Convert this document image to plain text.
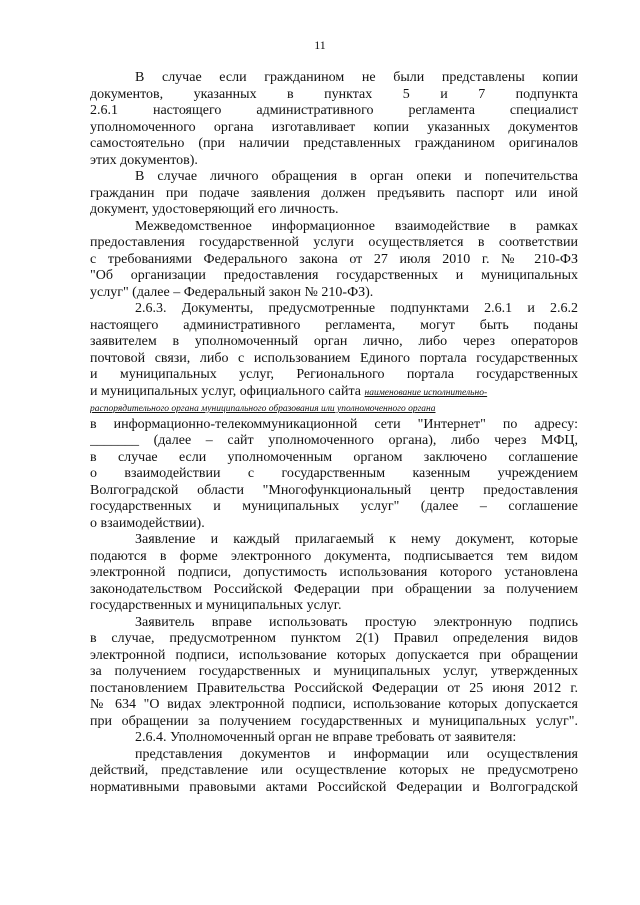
11
В случае если гражданином не были представлены копии
документов, указанных в пунктах 5 и 7 подпункта
2.6.1 настоящего административного регламента специалист
уполномоченного органа изготавливает копии указанных документов
самостоятельно (при наличии представленных гражданином оригиналов
этих документов).
В случае личного обращения в орган опеки и попечительства
гражданин при подаче заявления должен предъявить паспорт или иной
документ, удостоверяющий его личность.
Межведомственное информационное взаимодействие в рамках
предоставления государственной услуги осуществляется в соответствии
с требованиями Федерального закона от 27 июля 2010 г. № 210-ФЗ
"Об организации предоставления государственных и муниципальных
услуг" (далее – Федеральный закон № 210-ФЗ).
2.6.3. Документы, предусмотренные подпунктами 2.6.1 и 2.6.2
настоящего административного регламента, могут быть поданы
заявителем в уполномоченный орган лично, либо через операторов
почтовой связи, либо с использованием Единого портала государственных
и муниципальных услуг, Регионального портала государственных
и муниципальных услуг, официального сайта наименование исполнительно-
распорядительного органа муниципального образования или уполномоченного органа
в информационно-телекоммуникационной сети "Интернет" по адресу:
_______ (далее – сайт уполномоченного органа), либо через МФЦ,
в случае если уполномоченным органом заключено соглашение
о взаимодействии с государственным казенным учреждением
Волгоградской области "Многофункциональный центр предоставления
государственных и муниципальных услуг" (далее – соглашение
о взаимодействии).
Заявление и каждый прилагаемый к нему документ, которые
подаются в форме электронного документа, подписывается тем видом
электронной подписи, допустимость использования которого установлена
законодательством Российской Федерации при обращении за получением
государственных и муниципальных услуг.
Заявитель вправе использовать простую электронную подпись
в случае, предусмотренном пунктом 2(1) Правил определения видов
электронной подписи, использование которых допускается при обращении
за получением государственных и муниципальных услуг, утвержденных
постановлением Правительства Российской Федерации от 25 июня 2012 г.
№ 634 "О видах электронной подписи, использование которых допускается
при обращении за получением государственных и муниципальных услуг".
2.6.4. Уполномоченный орган не вправе требовать от заявителя:
представления документов и информации или осуществления
действий, представление или осуществление которых не предусмотрено
нормативными правовыми актами Российской Федерации и Волгоградской
